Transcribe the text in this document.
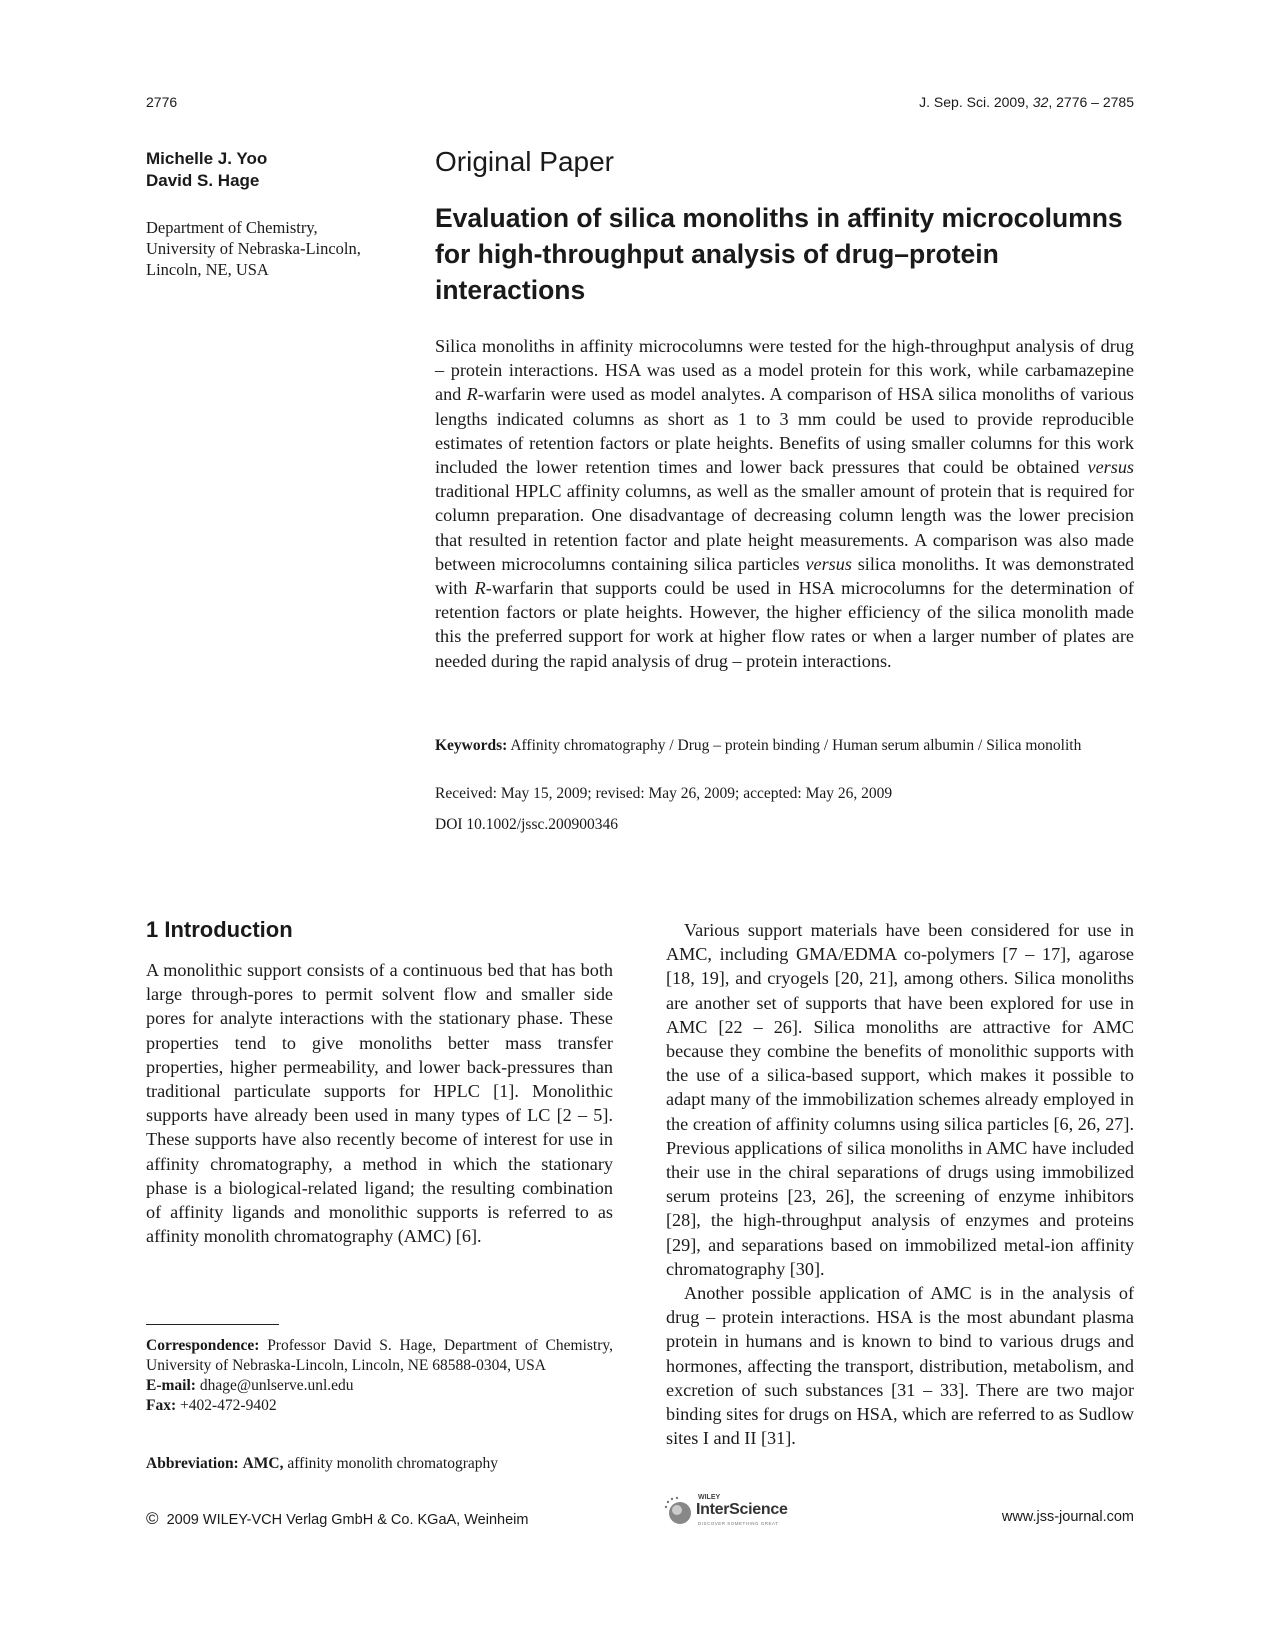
2776	J. Sep. Sci. 2009, 32, 2776 – 2785
Michelle J. Yoo
David S. Hage
Department of Chemistry,
University of Nebraska-Lincoln,
Lincoln, NE, USA
Original Paper
Evaluation of silica monoliths in affinity microcolumns for high-throughput analysis of drug–protein interactions
Silica monoliths in affinity microcolumns were tested for the high-throughput analysis of drug – protein interactions. HSA was used as a model protein for this work, while carbamazepine and R-warfarin were used as model analytes. A comparison of HSA silica monoliths of various lengths indicated columns as short as 1 to 3 mm could be used to provide reproducible estimates of retention factors or plate heights. Benefits of using smaller columns for this work included the lower retention times and lower back pressures that could be obtained versus traditional HPLC affinity columns, as well as the smaller amount of protein that is required for column preparation. One disadvantage of decreasing column length was the lower precision that resulted in retention factor and plate height measurements. A comparison was also made between microcolumns containing silica particles versus silica monoliths. It was demonstrated with R-warfarin that supports could be used in HSA microcolumns for the determination of retention factors or plate heights. However, the higher efficiency of the silica monolith made this the preferred support for work at higher flow rates or when a larger number of plates are needed during the rapid analysis of drug – protein interactions.
Keywords: Affinity chromatography / Drug – protein binding / Human serum albumin / Silica monolith
Received: May 15, 2009; revised: May 26, 2009; accepted: May 26, 2009
DOI 10.1002/jssc.200900346
1 Introduction

A monolithic support consists of a continuous bed that has both large through-pores to permit solvent flow and smaller side pores for analyte interactions with the stationary phase. These properties tend to give monoliths better mass transfer properties, higher permeability, and lower back-pressures than traditional particulate supports for HPLC [1]. Monolithic supports have already been used in many types of LC [2 – 5]. These supports have also recently become of interest for use in affinity chromatography, a method in which the stationary phase is a biological-related ligand; the resulting combination of affinity ligands and monolithic supports is referred to as affinity monolith chromatography (AMC) [6].

Various support materials have been considered for use in AMC, including GMA/EDMA co-polymers [7 – 17], agarose [18, 19], and cryogels [20, 21], among others. Silica monoliths are another set of supports that have been explored for use in AMC [22 – 26]. Silica monoliths are attractive for AMC because they combine the benefits of monolithic supports with the use of a silica-based support, which makes it possible to adapt many of the immobilization schemes already employed in the creation of affinity columns using silica particles [6, 26, 27]. Previous applications of silica monoliths in AMC have included their use in the chiral separations of drugs using immobilized serum proteins [23, 26], the screening of enzyme inhibitors [28], the high-throughput analysis of enzymes and proteins [29], and separations based on immobilized metal-ion affinity chromatography [30].

Another possible application of AMC is in the analysis of drug – protein interactions. HSA is the most abundant plasma protein in humans and is known to bind to various drugs and hormones, affecting the transport, distribution, metabolism, and excretion of such substances [31 – 33]. There are two major binding sites for drugs on HSA, which are referred to as Sudlow sites I and II [31].

Correspondence: Professor David S. Hage, Department of Chemistry, University of Nebraska-Lincoln, Lincoln, NE 68588-0304, USA
E-mail: dhage@unlserve.unl.edu
Fax: +402-472-9402
Abbreviation: AMC, affinity monolith chromatography
© 2009 WILEY-VCH Verlag GmbH & Co. KGaA, Weinheim
WILEY
InterScience
DISCOVER SOMETHING GREAT	www.jss-journal.com
